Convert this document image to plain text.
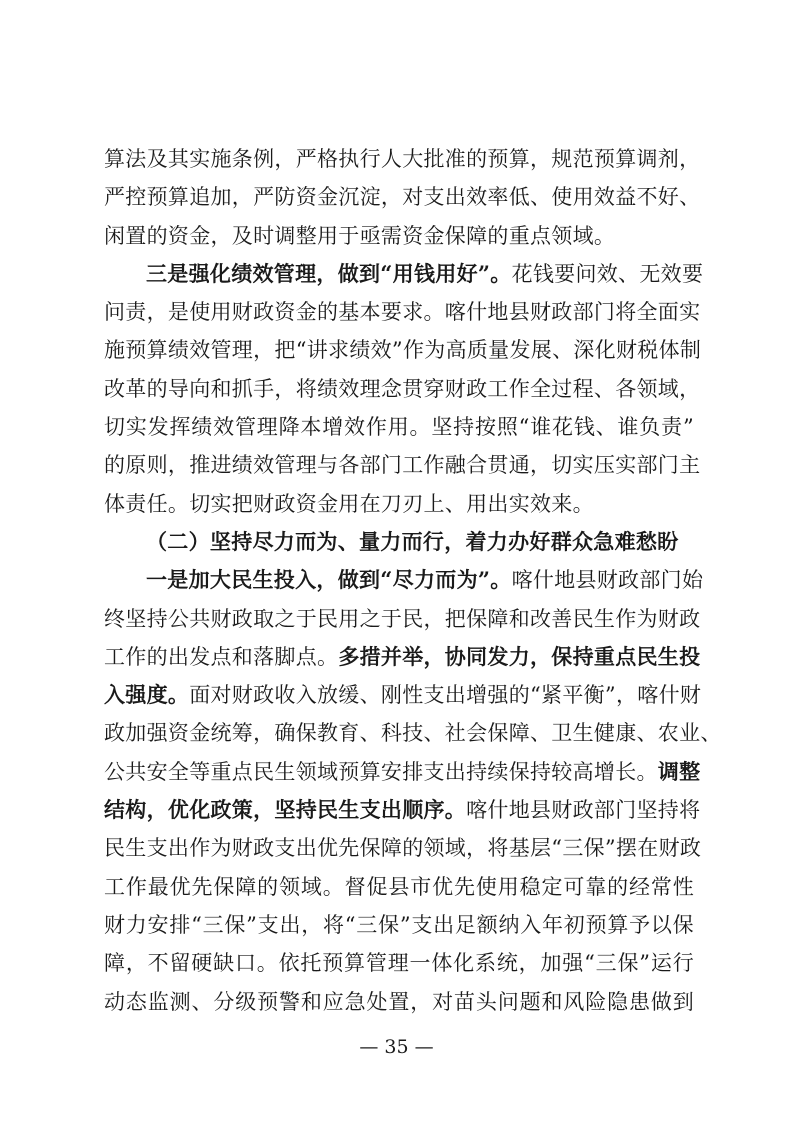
算法及其实施条例，严格执行人大批准的预算，规范预算调剂，
严控预算追加，严防资金沉淀，对支出效率低、使用效益不好、
闲置的资金，及时调整用于亟需资金保障的重点领域。
三是强化绩效管理，做到“用钱用好”。花钱要问效、无效要
问责，是使用财政资金的基本要求。喀什地县财政部门将全面实
施预算绩效管理，把“讲求绩效”作为高质量发展、深化财税体制
改革的导向和抓手，将绩效理念贯穿财政工作全过程、各领域，
切实发挥绩效管理降本增效作用。坚持按照“谁花钱、谁负责”
的原则，推进绩效管理与各部门工作融合贯通，切实压实部门主
体责任。切实把财政资金用在刀刃上、用出实效来。
（二）坚持尽力而为、量力而行，着力办好群众急难愁盼
一是加大民生投入，做到“尽力而为”。喀什地县财政部门始
终坚持公共财政取之于民用之于民，把保障和改善民生作为财政
工作的出发点和落脚点。多措并举，协同发力，保持重点民生投
入强度。面对财政收入放缓、刚性支出增强的“紧平衡”，喀什财
政加强资金统筹，确保教育、科技、社会保障、卫生健康、农业、
公共安全等重点民生领域预算安排支出持续保持较高增长。调整
结构，优化政策，坚持民生支出顺序。喀什地县财政部门坚持将
民生支出作为财政支出优先保障的领域，将基层“三保”摆在财政
工作最优先保障的领域。督促县市优先使用稳定可靠的经常性
财力安排“三保”支出，将“三保”支出足额纳入年初预算予以保
障，不留硬缺口。依托预算管理一体化系统，加强“三保”运行
动态监测、分级预警和应急处置，对苗头问题和风险隐患做到
— 35 —
